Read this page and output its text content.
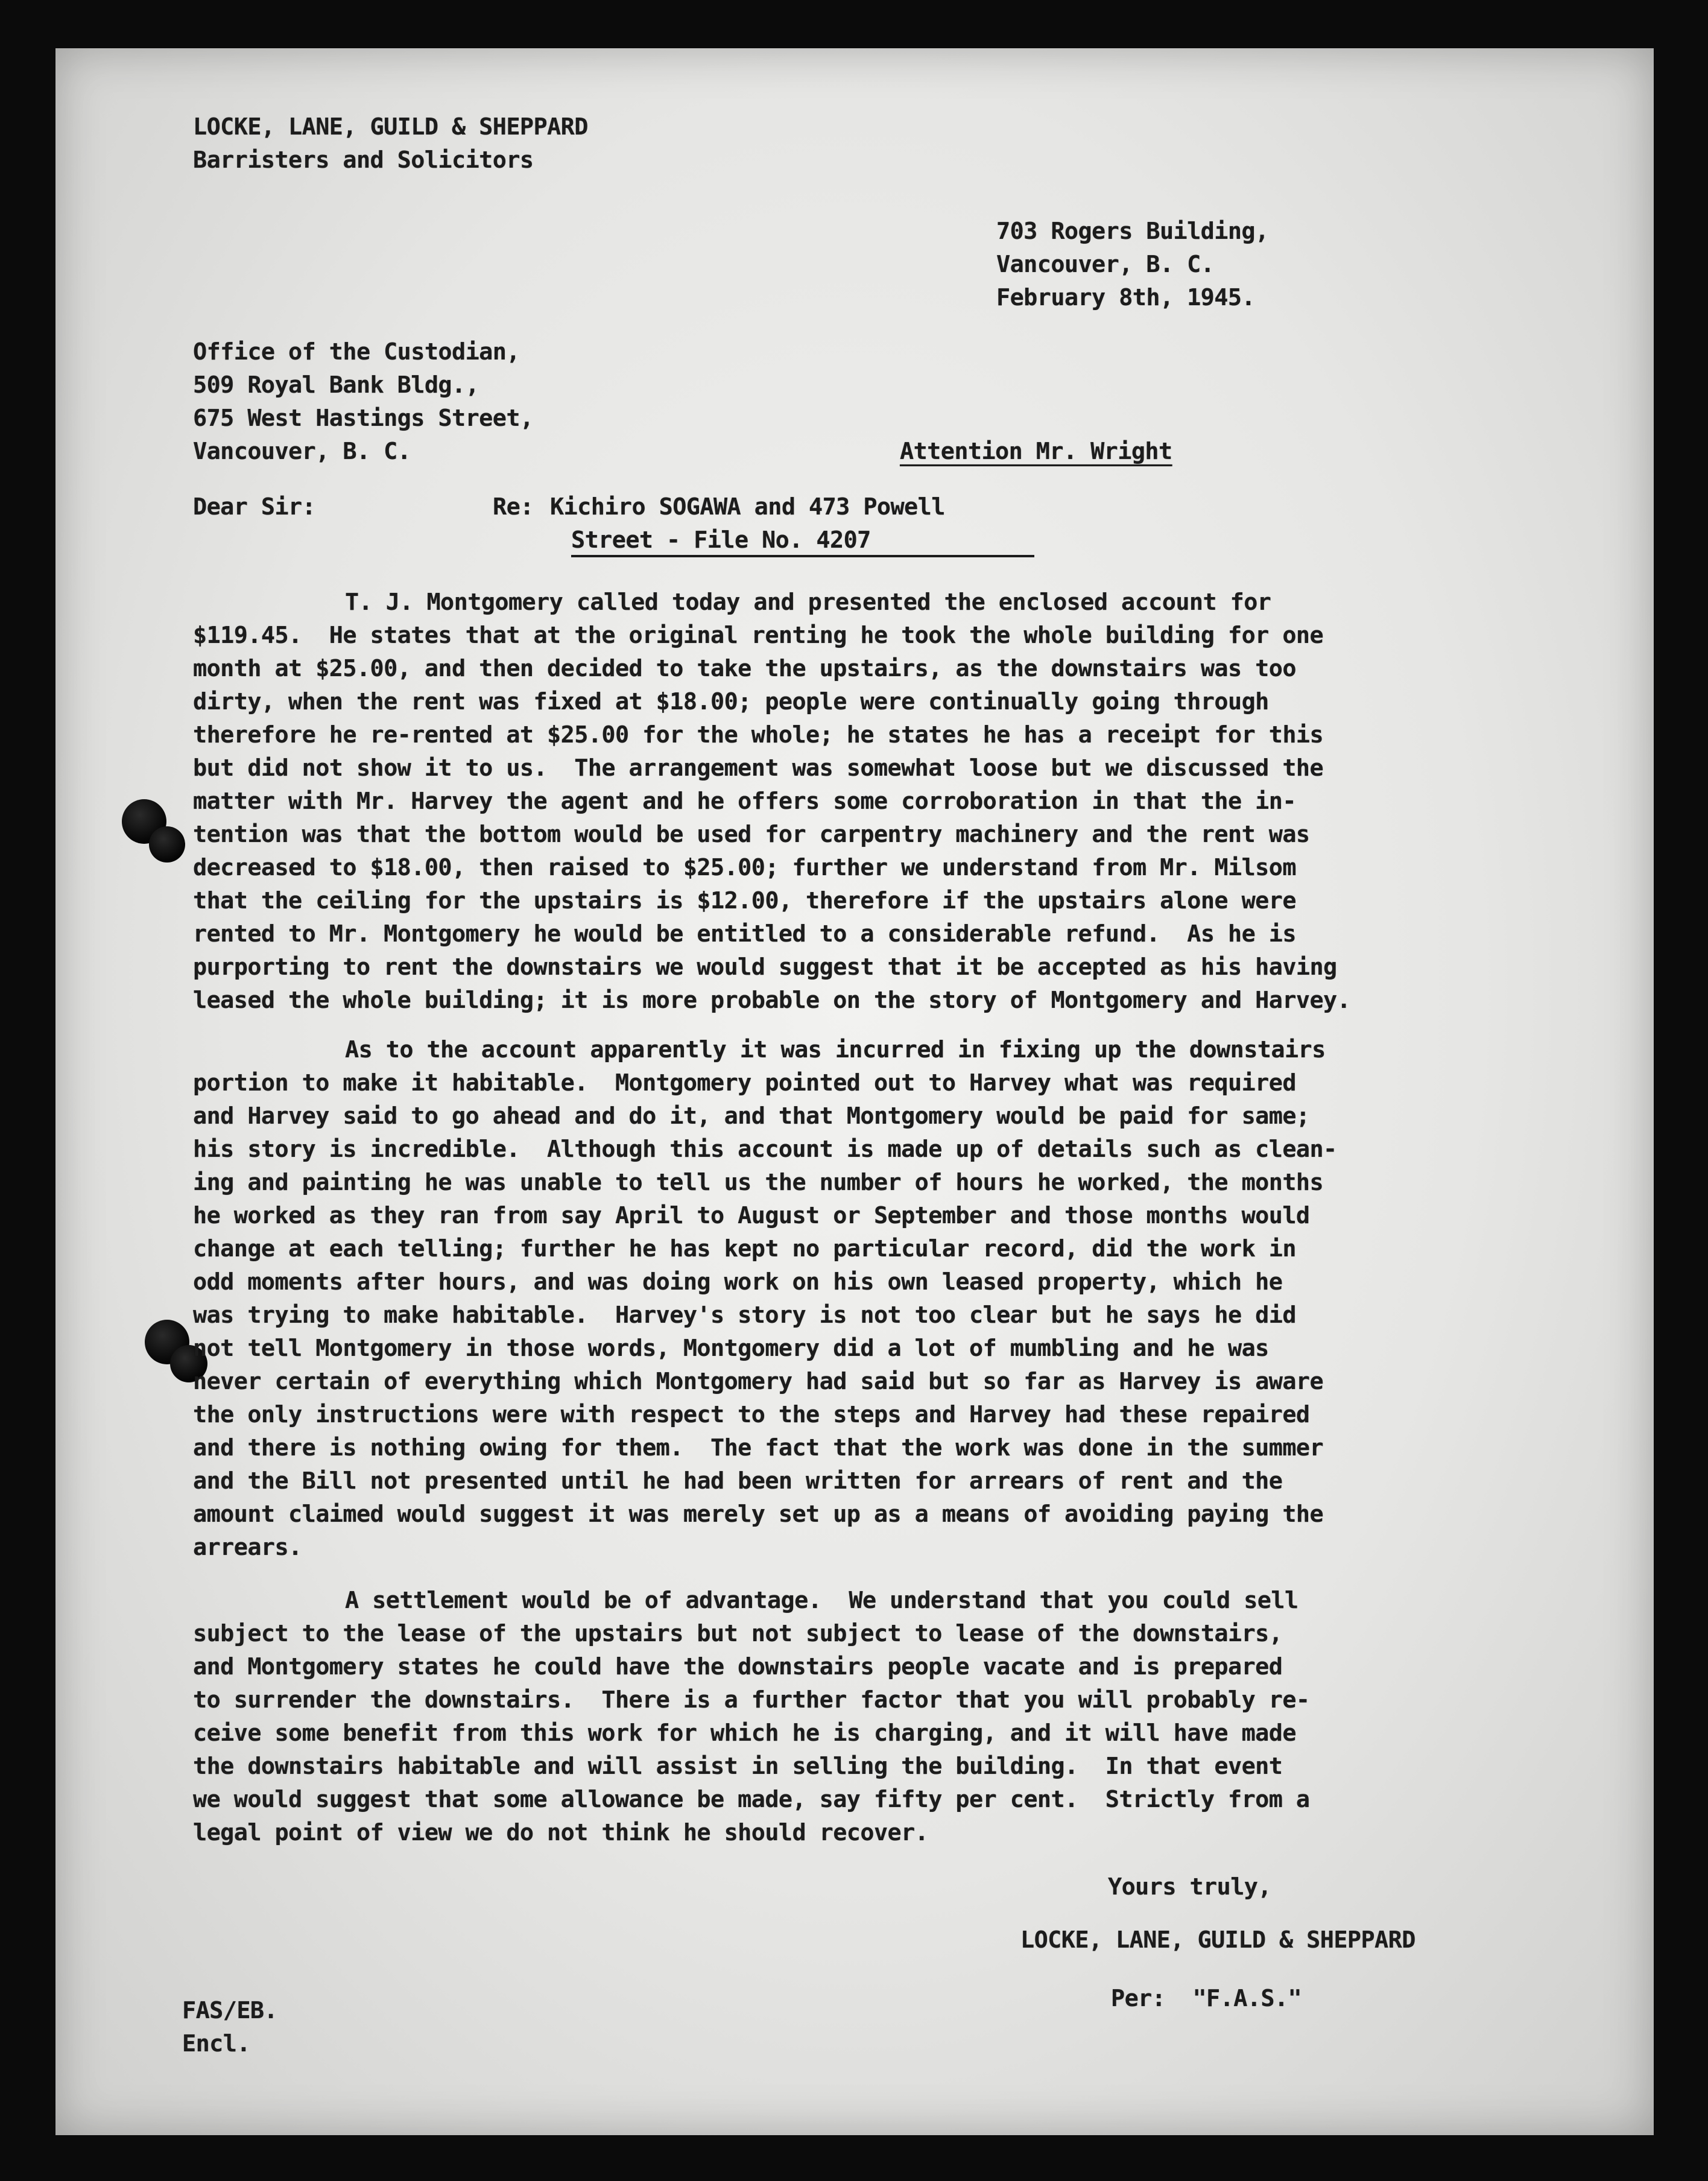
LOCKE, LANE, GUILD & SHEPPARD
Barristers and Solicitors
703 Rogers Building,
Vancouver, B. C.
February 8th, 1945.
Office of the Custodian,
509 Royal Bank Bldg.,
675 West Hastings Street,
Vancouver, B. C.	Attention Mr. Wright
Dear Sir:	Re: Kichiro SOGAWA and 473 Powell
Street - File No. 4207
T. J. Montgomery called today and presented the enclosed account for
$119.45.  He states that at the original renting he took the whole building for one
month at $25.00, and then decided to take the upstairs, as the downstairs was too
dirty, when the rent was fixed at $18.00; people were continually going through
therefore he re-rented at $25.00 for the whole; he states he has a receipt for this
but did not show it to us.  The arrangement was somewhat loose but we discussed the
matter with Mr. Harvey the agent and he offers some corroboration in that the in-
tention was that the bottom would be used for carpentry machinery and the rent was
decreased to $18.00, then raised to $25.00; further we understand from Mr. Milsom
that the ceiling for the upstairs is $12.00, therefore if the upstairs alone were
rented to Mr. Montgomery he would be entitled to a considerable refund.  As he is
purporting to rent the downstairs we would suggest that it be accepted as his having
leased the whole building; it is more probable on the story of Montgomery and Harvey.
As to the account apparently it was incurred in fixing up the downstairs
portion to make it habitable.  Montgomery pointed out to Harvey what was required
and Harvey said to go ahead and do it, and that Montgomery would be paid for same;
his story is incredible.  Although this account is made up of details such as clean-
ing and painting he was unable to tell us the number of hours he worked, the months
he worked as they ran from say April to August or September and those months would
change at each telling; further he has kept no particular record, did the work in
odd moments after hours, and was doing work on his own leased property, which he
was trying to make habitable.  Harvey's story is not too clear but he says he did
not tell Montgomery in those words, Montgomery did a lot of mumbling and he was
never certain of everything which Montgomery had said but so far as Harvey is aware
the only instructions were with respect to the steps and Harvey had these repaired
and there is nothing owing for them.  The fact that the work was done in the summer
and the Bill not presented until he had been written for arrears of rent and the
amount claimed would suggest it was merely set up as a means of avoiding paying the
arrears.
A settlement would be of advantage.  We understand that you could sell
subject to the lease of the upstairs but not subject to lease of the downstairs,
and Montgomery states he could have the downstairs people vacate and is prepared
to surrender the downstairs.  There is a further factor that you will probably re-
ceive some benefit from this work for which he is charging, and it will have made
the downstairs habitable and will assist in selling the building.  In that event
we would suggest that some allowance be made, say fifty per cent.  Strictly from a
legal point of view we do not think he should recover.
Yours truly,
LOCKE, LANE, GUILD & SHEPPARD
Per:  "F.A.S."
FAS/EB.
Encl.
